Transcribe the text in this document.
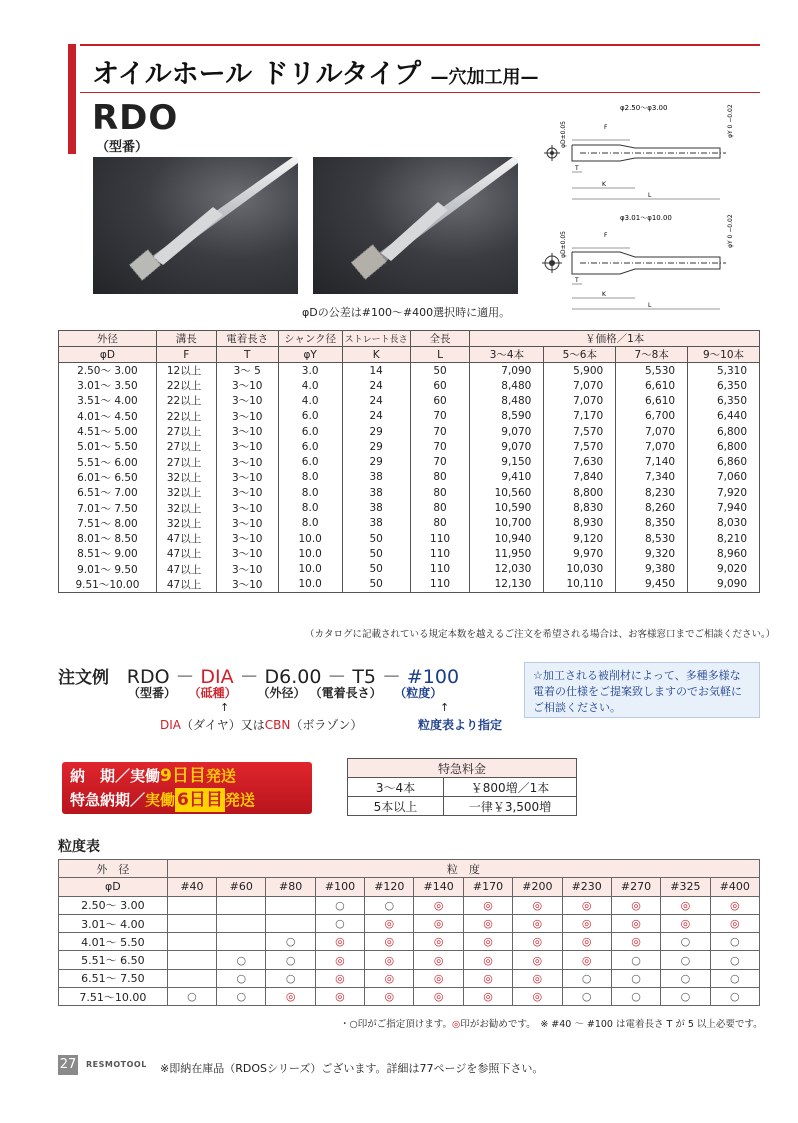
オイルホール ドリルタイプ —穴加工用—
RDO
（型番）
φDの公差は#100～#400選択時に適用。
φ2.50～φ3.00
φD±0.05	φY 0 −0.02
F
T
K
L
φ3.01～φ10.00
φD±0.05	φY 0 −0.02
F
T
K
L
外径	溝長	電着長さ	シャンク径	ストレート長さ	全長	￥価格／1本			
φD	F	T	φY	K	L	3～4本	5～6本	7～8本	9～10本
2.50～ 3.00	12以上	3～ 5	3.0	14	50	7,090	5,900	5,530	5,310
3.01～ 3.50	22以上	3～10	4.0	24	60	8,480	7,070	6,610	6,350
3.51～ 4.00	22以上	3～10	4.0	24	60	8,480	7,070	6,610	6,350
4.01～ 4.50	22以上	3～10	6.0	24	70	8,590	7,170	6,700	6,440
4.51～ 5.00	27以上	3～10	6.0	29	70	9,070	7,570	7,070	6,800
5.01～ 5.50	27以上	3～10	6.0	29	70	9,070	7,570	7,070	6,800
5.51～ 6.00	27以上	3～10	6.0	29	70	9,150	7,630	7,140	6,860
6.01～ 6.50	32以上	3～10	8.0	38	80	9,410	7,840	7,340	7,060
6.51～ 7.00	32以上	3～10	8.0	38	80	10,560	8,800	8,230	7,920
7.01～ 7.50	32以上	3～10	8.0	38	80	10,590	8,830	8,260	7,940
7.51～ 8.00	32以上	3～10	8.0	38	80	10,700	8,930	8,350	8,030
8.01～ 8.50	47以上	3～10	10.0	50	110	10,940	9,120	8,530	8,210
8.51～ 9.00	47以上	3～10	10.0	50	110	11,950	9,970	9,320	8,960
9.01～ 9.50	47以上	3～10	10.0	50	110	12,030	10,030	9,380	9,020
9.51～10.00	47以上	3～10	10.0	50	110	12,130	10,110	9,450	9,090
（カタログに記載されている規定本数を越えるご注文を希望される場合は、お客様窓口までご相談ください。）
注文例 RDO － DIA － D6.00 － T5 － #100
（型番） （砥種） （外径） （電着長さ） （粒度）
↑	↑
DIA（ダイヤ）又はCBN（ボラゾン）	粒度表より指定
☆加工される被削材によって、多種多様な電着の仕様をご提案致しますのでお気軽にご相談ください。
納　期／実働9日目発送
特急納期／実働 6日目 発送
特急料金	
3～4本	￥800増／1本
5本以上	一律￥3,500増
粒度表
外　径	粒　度											
φD	#40	#60	#80	#100	#120	#140	#170	#200	#230	#270	#325	#400
2.50～ 3.00				○	○	◎	◎	◎	◎	◎	◎	◎
3.01～ 4.00				○	◎	◎	◎	◎	◎	◎	◎	◎
4.01～ 5.50			○	◎	◎	◎	◎	◎	◎	◎	○	○
5.51～ 6.50		○	○	◎	◎	◎	◎	◎	◎	○	○	○
6.51～ 7.50		○	○	◎	◎	◎	◎	◎	○	○	○	○
7.51～10.00	○	○	◎	◎	◎	◎	◎	◎	○	○	○	○
・○印がご指定頂けます。◎印がお勧めです。　※ #40 ～ #100 は電着長さ T が 5 以上必要です。
27 RESMOTOOL ※即納在庫品（RDOSシリーズ）ございます。詳細は77ページを参照下さい。
